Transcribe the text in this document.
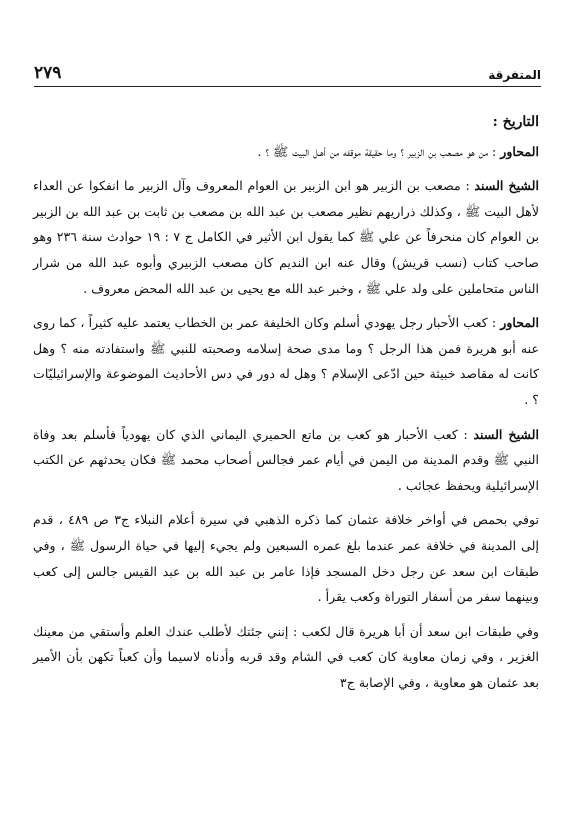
٢٧٩	المتفرقة
التاريخ :

المحاور : من هو مصعب بن الزبير ؟ وما حقيقة موقفه من أهـل البيت ﷺ ؟ .

الشيخ السند : مصعب بن الزبير هو ابن الزبير بن العوام المعروف وآل الزبير ما انفكوا عن العداء لأهل البيت ﷺ ، وكذلك ذراريهم نظير مصعب بن عبد الله بن مصعب بن ثابت بن عبد الله بن الزبير بن العوام كان منحرفاً عن علي ﷺ كما يقول ابن الأثير في الكامل ج ٧ : ١٩ حوادث سنة ٢٣٦ وهو صاحب كتاب (نسب قريش) وقال عنه ابن النديم كان مصعب الزبيري وأبوه عبد الله من شرار الناس متحاملين على ولد علي ﷺ ، وخبر عبد الله مع يحيى بن عبد الله المحض معروف .

المحاور : كعب الأحبار رجل يهودي أسلم وكان الخليفة عمر بن الخطاب يعتمد عليه كثيراً ، كما روى عنه أبو هريرة فمن هذا الرجل ؟ وما مدى صحة إسلامه وصحبته للنبي ﷺ واستفادته منه ؟ وهل كانت له مقاصد خبيثة حين ادّعى الإسلام ؟ وهل له دور في دس الأحاديث الموضوعة والإسرائيليّات ؟ .

الشيخ السند : كعب الأحبار هو كعب بن ماتع الحميري اليماني الذي كان يهودياً فأسلم بعد وفاة النبي ﷺ وقدم المدينة من اليمن في أيام عمر فجالس أصحاب محمد ﷺ فكان يحدثهم عن الكتب الإسرائيلية ويحفظ عجائب .

توفي بحمص في أواخر خلافة عثمان كما ذكره الذهبي في سيرة أعلام النبلاء ج٣ ص ٤٨٩ ، قدم إلى المدينة في خلافة عمر عندما بلغ عمره السبعين ولم يجيء إليها في حياة الرسول ﷺ ، وفي طبقات ابن سعد عن رجل دخل المسجد فإذا عامر بن عبد الله بن عبد القيس جالس إلى كعب وبينهما سفر من أسفار التوراة وكعب يقرأ .

وفي طبقات ابن سعد أن أبا هريرة قال لكعب : إنني جئتك لأطلب عندك العلم وأستقي من معينك الغزير ، وفي زمان معاوية كان كعب في الشام وقد قربه وأدناه لاسيما وأن كعباً تكهن بأن الأمير بعد عثمان هو معاوية ، وفي الإصابة ج٣
